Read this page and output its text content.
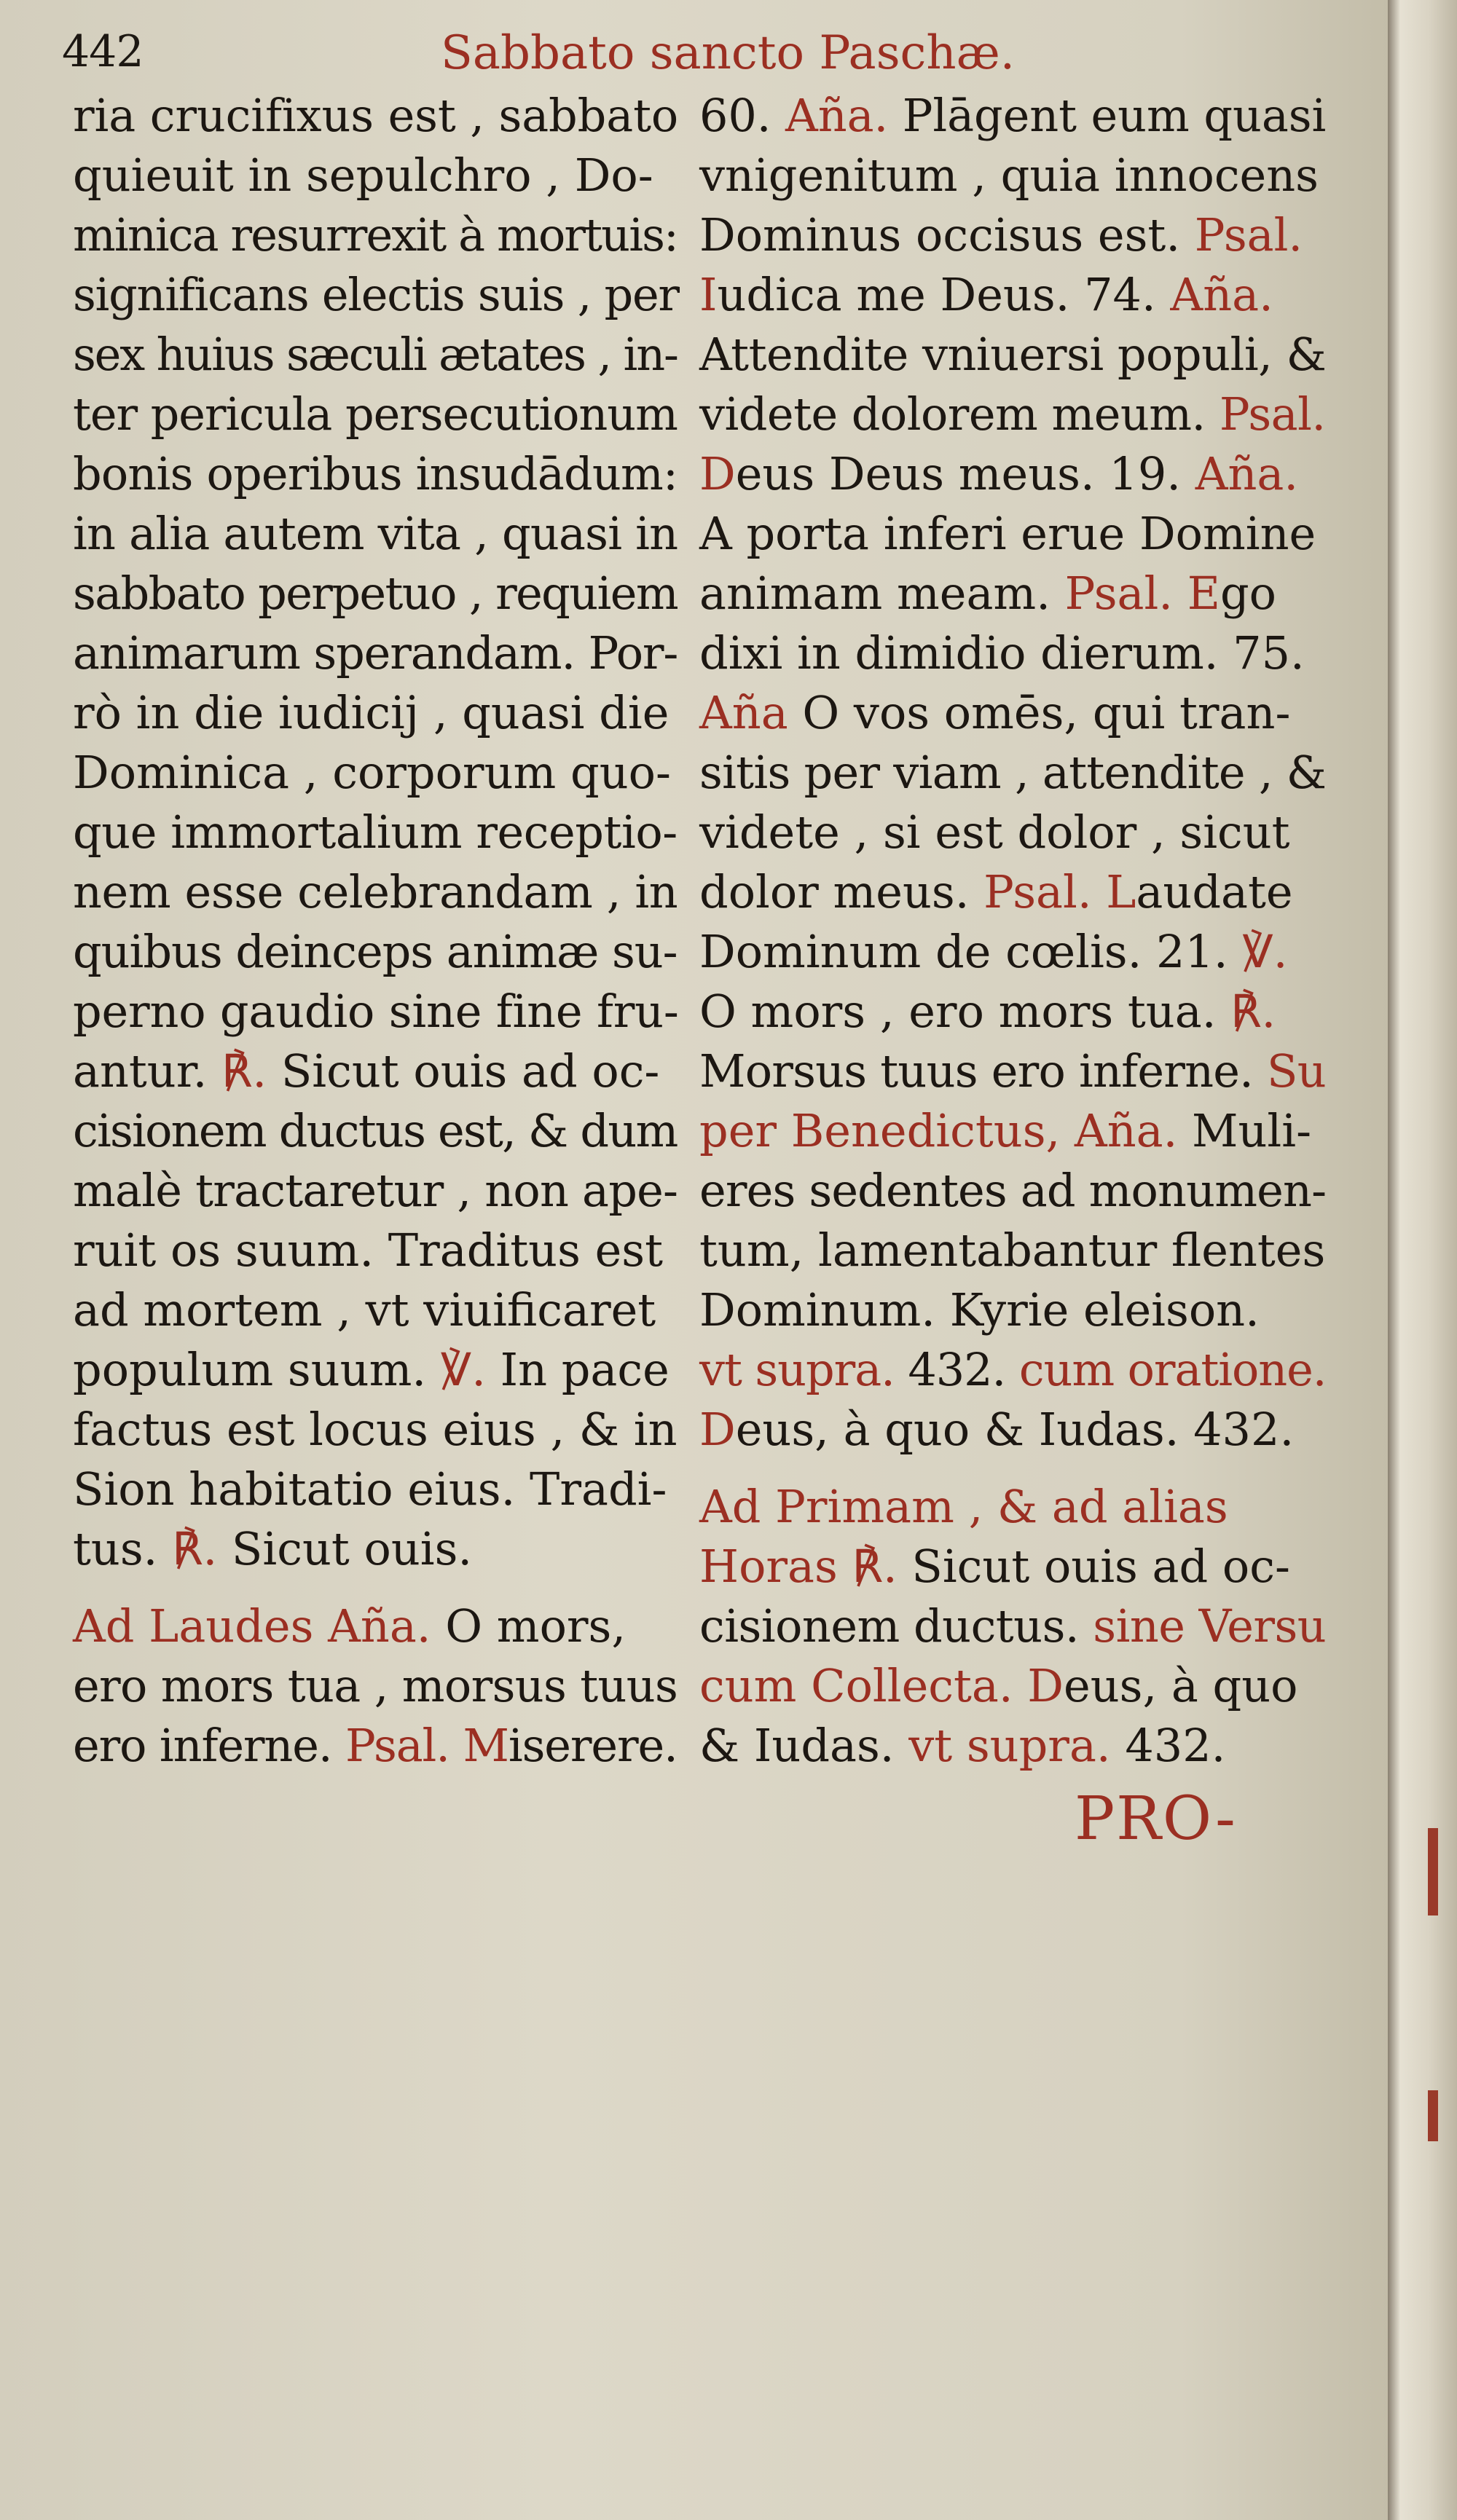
442	Sabbato sancto Paschæ.
ria crucifixus est , sabbato
quieuit in sepulchro , Do-
minica resurrexit à mortuis:
significans electis suis , per
sex huius sæculi ætates , in-
ter pericula persecutionum
bonis operibus insudādum:
in alia autem vita , quasi in
sabbato perpetuo , requiem
animarum sperandam. Por-
rò in die iudicij , quasi die
Dominica , corporum quo-
que immortalium receptio-
nem esse celebrandam , in
quibus deinceps animæ su-
perno gaudio sine fine fru-
antur. ℟. Sicut ouis ad oc-
cisionem ductus est, & dum
malè tractaretur , non ape-
ruit os suum. Traditus est
ad mortem , vt viuificaret
populum suum. ℣. In pace
factus est locus eius , & in
Sion habitatio eius. Tradi-
tus. ℟. Sicut ouis.
Ad Laudes Aña. O mors,
ero mors tua , morsus tuus
ero inferne. Psal. Miserere.
60. Aña. Plāgent eum quasi
vnigenitum , quia innocens
Dominus occisus est. Psal.
Iudica me Deus. 74. Aña.
Attendite vniuersi populi, &
videte dolorem meum. Psal.
Deus Deus meus. 19. Aña.
A porta inferi erue Domine
animam meam. Psal. Ego
dixi in dimidio dierum. 75.
Aña O vos omēs, qui tran-
sitis per viam , attendite , &
videte , si est dolor , sicut
dolor meus. Psal. Laudate
Dominum de cœlis. 21. ℣.
O mors , ero mors tua. ℟.
Morsus tuus ero inferne. Su
per Benedictus, Aña. Muli-
eres sedentes ad monumen-
tum, lamentabantur flentes
Dominum. Kyrie eleison.
vt supra. 432. cum oratione.
Deus, à quo & Iudas. 432.
Ad Primam , & ad alias
Horas ℟. Sicut ouis ad oc-
cisionem ductus. sine Versu
cum Collecta. Deus, à quo
& Iudas. vt supra. 432.
PRO-
